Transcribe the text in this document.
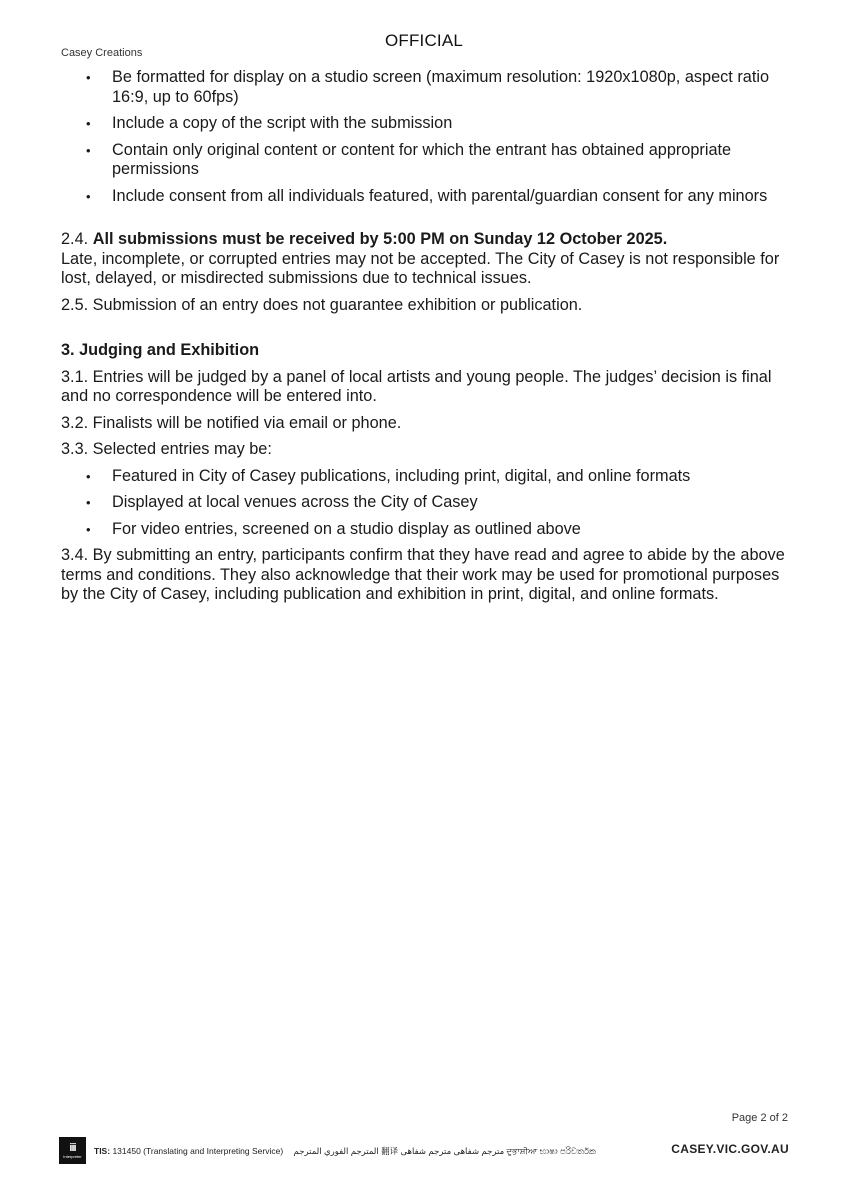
OFFICIAL
Casey Creations
• Be formatted for display on a studio screen (maximum resolution: 1920x1080p, aspect ratio 16:9, up to 60fps)
• Include a copy of the script with the submission
• Contain only original content or content for which the entrant has obtained appropriate permissions
• Include consent from all individuals featured, with parental/guardian consent for any minors

2.4. All submissions must be received by 5:00 PM on Sunday 12 October 2025.
Late, incomplete, or corrupted entries may not be accepted. The City of Casey is not responsible for lost, delayed, or misdirected submissions due to technical issues.

2.5. Submission of an entry does not guarantee exhibition or publication.

3. Judging and Exhibition

3.1. Entries will be judged by a panel of local artists and young people. The judges’ decision is final and no correspondence will be entered into.

3.2. Finalists will be notified via email or phone.

3.3. Selected entries may be:

• Featured in City of Casey publications, including print, digital, and online formats
• Displayed at local venues across the City of Casey
• For video entries, screened on a studio display as outlined above

3.4. By submitting an entry, participants confirm that they have read and agree to abide by the above terms and conditions. They also acknowledge that their work may be used for promotional purposes by the City of Casey, including publication and exhibition in print, digital, and online formats.

Page 2 of 2
iii
Interpreter TIS: 131450 (Translating and Interpreting Service) المترجم الفوري المترجم 翻译 مترجم شفاهی مترجم شفاهی ਦੁਭਾਸ਼ੀਆ භාෂා පරිවර්තක	CASEY.VIC.GOV.AU
